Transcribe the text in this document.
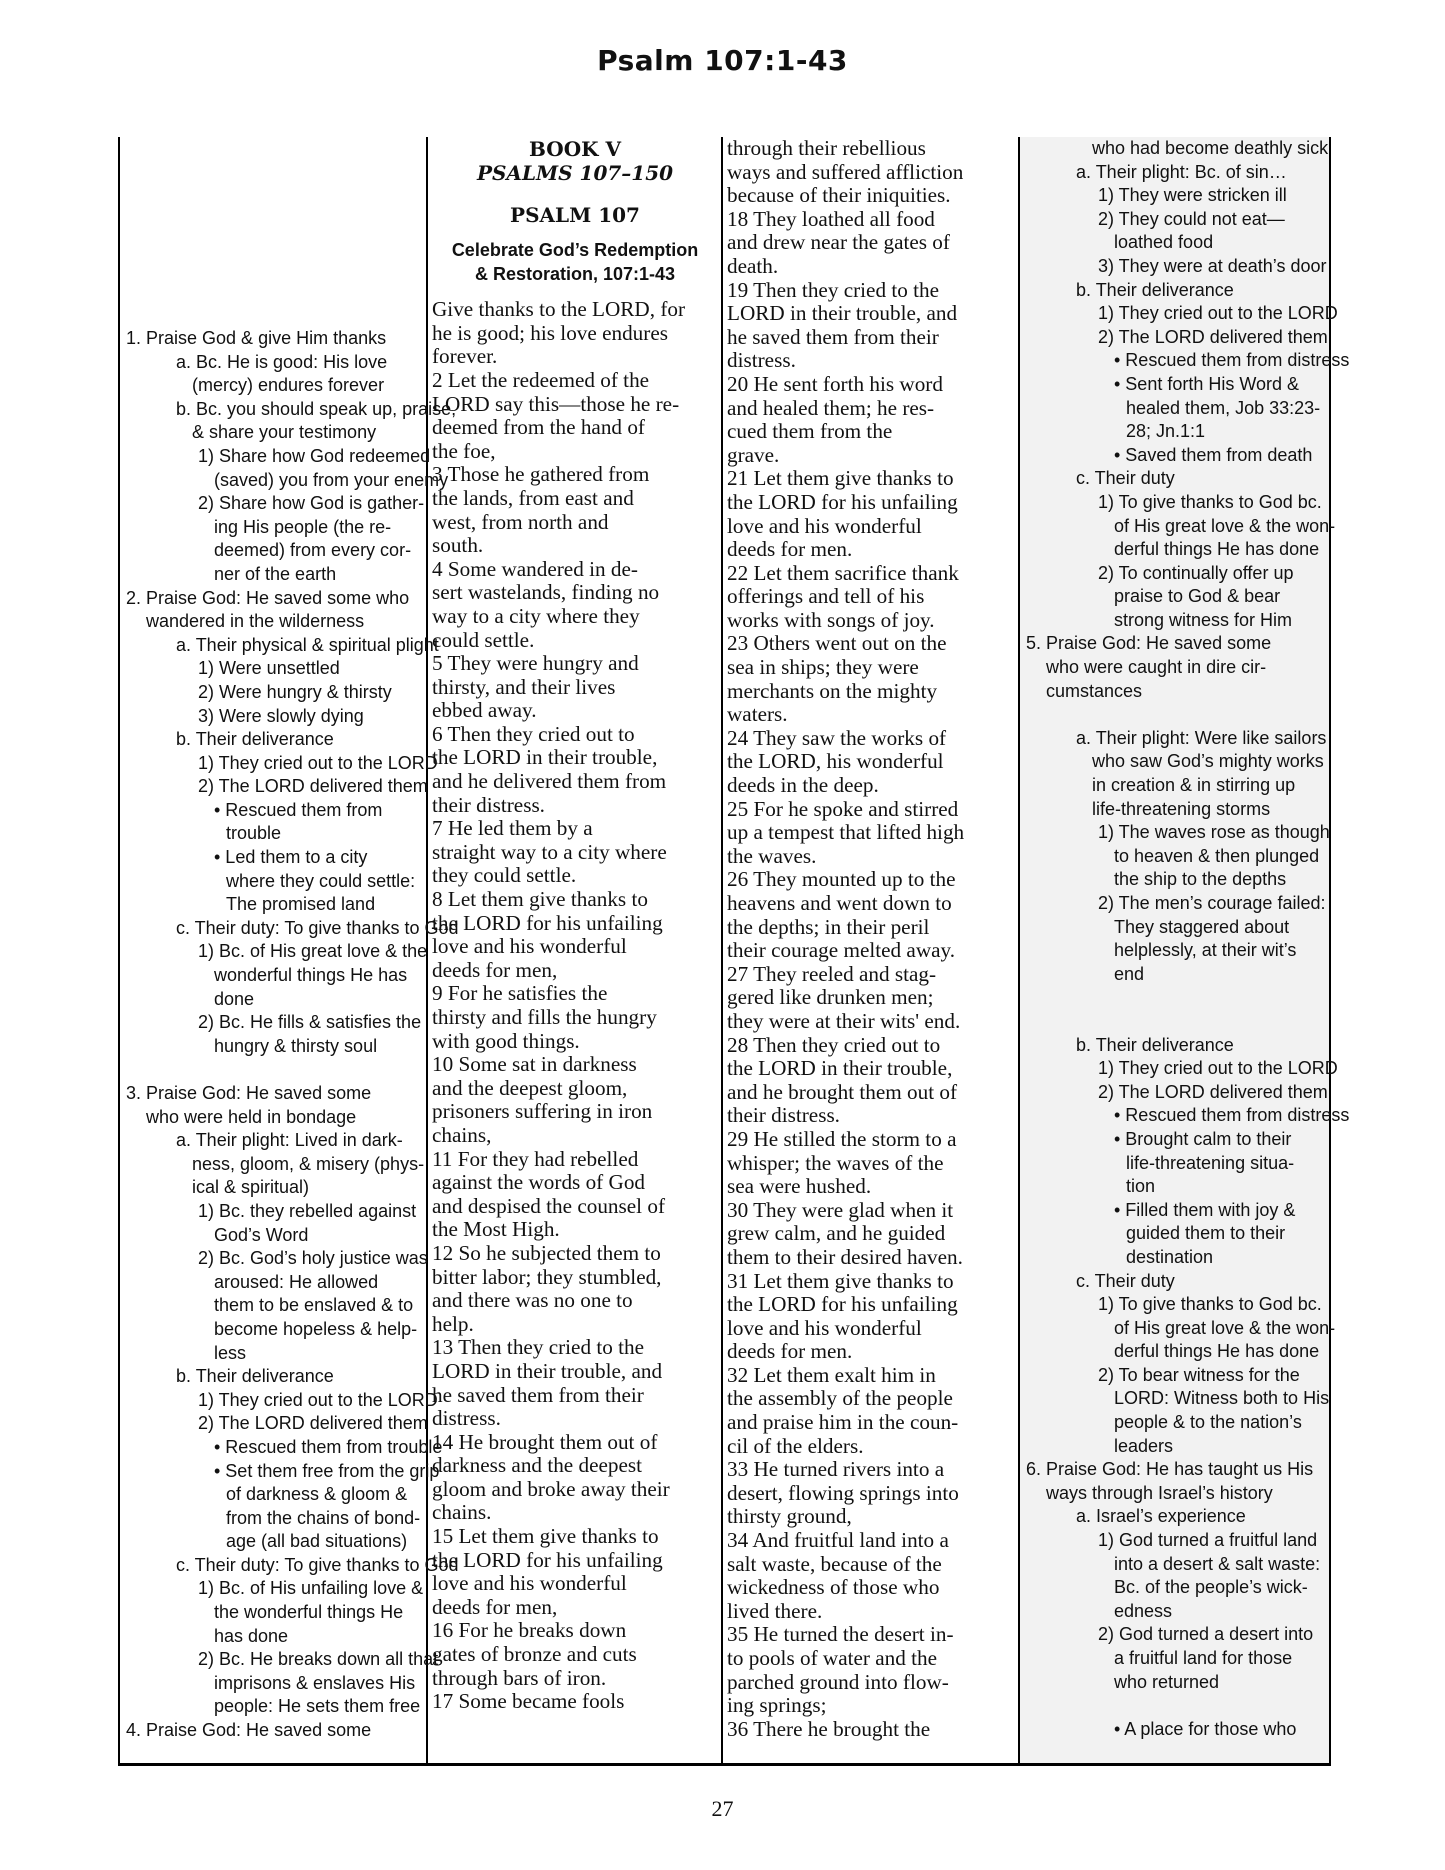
Psalm 107:1-43
1. Praise God & give Him thanks
a. Bc. He is good: His love
(mercy) endures forever
b. Bc. you should speak up, praise,
& share your testimony
1) Share how God redeemed
(saved) you from your enemy
2) Share how God is gather-
ing His people (the re-
deemed) from every cor-
ner of the earth
2. Praise God: He saved some who
wandered in the wilderness
a. Their physical & spiritual plight
1) Were unsettled
2) Were hungry & thirsty
3) Were slowly dying
b. Their deliverance
1) They cried out to the LORD
2) The LORD delivered them
• Rescued them from
trouble
• Led them to a city
where they could settle:
The promised land
c. Their duty: To give thanks to God
1) Bc. of His great love & the
wonderful things He has
done
2) Bc. He fills & satisfies the
hungry & thirsty soul
3. Praise God: He saved some
who were held in bondage
a. Their plight: Lived in dark-
ness, gloom, & misery (phys-
ical & spiritual)
1) Bc. they rebelled against
God’s Word
2) Bc. God’s holy justice was
aroused: He allowed
them to be enslaved & to
become hopeless & help-
less
b. Their deliverance
1) They cried out to the LORD
2) The LORD delivered them
• Rescued them from trouble
• Set them free from the grip
of darkness & gloom &
from the chains of bond-
age (all bad situations)
c. Their duty: To give thanks to God
1) Bc. of His unfailing love &
the wonderful things He
has done
2) Bc. He breaks down all that
imprisons & enslaves His
people: He sets them free
4. Praise God: He saved some
BOOK V
PSALMS 107–150
PSALM 107
Celebrate God’s Redemption
& Restoration, 107:1-43
Give thanks to the LORD, for
he is good; his love endures
forever.
2 Let the redeemed of the
LORD say this—those he re-
deemed from the hand of
the foe,
3 Those he gathered from
the lands, from east and
west, from north and
south.
4 Some wandered in de-
sert wastelands, finding no
way to a city where they
could settle.
5 They were hungry and
thirsty, and their lives
ebbed away.
6 Then they cried out to
the LORD in their trouble,
and he delivered them from
their distress.
7 He led them by a
straight way to a city where
they could settle.
8 Let them give thanks to
the LORD for his unfailing
love and his wonderful
deeds for men,
9 For he satisfies the
thirsty and fills the hungry
with good things.
10 Some sat in darkness
and the deepest gloom,
prisoners suffering in iron
chains,
11 For they had rebelled
against the words of God
and despised the counsel of
the Most High.
12 So he subjected them to
bitter labor; they stumbled,
and there was no one to
help.
13 Then they cried to the
LORD in their trouble, and
he saved them from their
distress.
14 He brought them out of
darkness and the deepest
gloom and broke away their
chains.
15 Let them give thanks to
the LORD for his unfailing
love and his wonderful
deeds for men,
16 For he breaks down
gates of bronze and cuts
through bars of iron.
17 Some became fools
through their rebellious
ways and suffered affliction
because of their iniquities.
18 They loathed all food
and drew near the gates of
death.
19 Then they cried to the
LORD in their trouble, and
he saved them from their
distress.
20 He sent forth his word
and healed them; he res-
cued them from the
grave.
21 Let them give thanks to
the LORD for his unfailing
love and his wonderful
deeds for men.
22 Let them sacrifice thank
offerings and tell of his
works with songs of joy.
23 Others went out on the
sea in ships; they were
merchants on the mighty
waters.
24 They saw the works of
the LORD, his wonderful
deeds in the deep.
25 For he spoke and stirred
up a tempest that lifted high
the waves.
26 They mounted up to the
heavens and went down to
the depths; in their peril
their courage melted away.
27 They reeled and stag-
gered like drunken men;
they were at their wits' end.
28 Then they cried out to
the LORD in their trouble,
and he brought them out of
their distress.
29 He stilled the storm to a
whisper; the waves of the
sea were hushed.
30 They were glad when it
grew calm, and he guided
them to their desired haven.
31 Let them give thanks to
the LORD for his unfailing
love and his wonderful
deeds for men.
32 Let them exalt him in
the assembly of the people
and praise him in the coun-
cil of the elders.
33 He turned rivers into a
desert, flowing springs into
thirsty ground,
34 And fruitful land into a
salt waste, because of the
wickedness of those who
lived there.
35 He turned the desert in-
to pools of water and the
parched ground into flow-
ing springs;
36 There he brought the
who had become deathly sick
a. Their plight: Bc. of sin…
1) They were stricken ill
2) They could not eat—
loathed food
3) They were at death’s door
b. Their deliverance
1) They cried out to the LORD
2) The LORD delivered them
• Rescued them from distress
• Sent forth His Word &
healed them, Job 33:23-
28; Jn.1:1
• Saved them from death
c. Their duty
1) To give thanks to God bc.
of His great love & the won-
derful things He has done
2) To continually offer up
praise to God & bear
strong witness for Him
5. Praise God: He saved some
who were caught in dire cir-
cumstances
a. Their plight: Were like sailors
who saw God’s mighty works
in creation & in stirring up
life-threatening storms
1) The waves rose as though
to heaven & then plunged
the ship to the depths
2) The men’s courage failed:
They staggered about
helplessly, at their wit’s
end
b. Their deliverance
1) They cried out to the LORD
2) The LORD delivered them
• Rescued them from distress
• Brought calm to their
life-threatening situa-
tion
• Filled them with joy &
guided them to their
destination
c. Their duty
1) To give thanks to God bc.
of His great love & the won-
derful things He has done
2) To bear witness for the
LORD: Witness both to His
people & to the nation’s
leaders
6. Praise God: He has taught us His
ways through Israel’s history
a. Israel’s experience
1) God turned a fruitful land
into a desert & salt waste:
Bc. of the people’s wick-
edness
2) God turned a desert into
a fruitful land for those
who returned
• A place for those who
27
